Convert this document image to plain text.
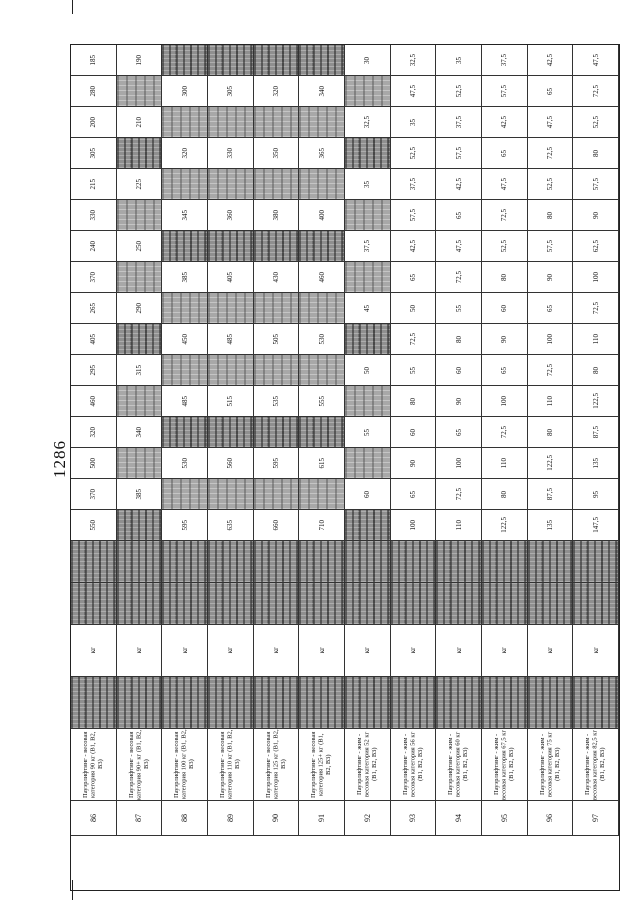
1286
550
370
500
320
460
295
405
265
370
240
330
215
305
200
280
185
кг
Пауэрлифтинг - весовая категория 90 кг (В1, В2, В3)
86
385
340
315
290
250
225
210
190
кг
Пауэрлифтинг - весовая категория 90+ кг (В1, В2, В3)
87
595
530
485
450
385
345
320
300
кг
Пауэрлифтинг - весовая категория 100 кг (В1, В2, В3)
88
635
560
515
485
405
360
330
305
кг
Пауэрлифтинг - весовая категория 110 кг (В1, В2, В3)
89
660
595
535
505
430
380
350
320
кг
Пауэрлифтинг - весовая категория 125 кг (В1, В2, В3)
90
710
615
555
530
460
400
365
340
кг
Пауэрлифтинг - весовая категория 125+ кг (В1, В2, В3)
91
60
55
50
45
37,5
35
32,5
30
кг
Пауэрлифтинг - жим - весовая категория 52 кг (В1, В2, В3)
92
100
65
90
60
80
55
72,5
50
65
42,5
57,5
37,5
52,5
35
47,5
32,5
кг
Пауэрлифтинг - жим - весовая категория 56 кг (В1, В2, В3)
93
110
72,5
100
65
90
60
80
55
72,5
47,5
65
42,5
57,5
37,5
52,5
35
кг
Пауэрлифтинг - жим - весовая категория 60 кг (В1, В2, В3)
94
122,5
80
110
72,5
100
65
90
60
80
52,5
72,5
47,5
65
42,5
57,5
37,5
кг
Пауэрлифтинг - жим - весовая категория 67,5 кг (В1, В2, В3)
95
135
87,5
122,5
80
110
72,5
100
65
90
57,5
80
52,5
72,5
47,5
65
42,5
кг
Пауэрлифтинг - жим - весовая категория 75 кг (В1, В2, В3)
96
147,5
95
135
87,5
122,5
80
110
72,5
100
62,5
90
57,5
80
52,5
72,5
47,5
кг
Пауэрлифтинг - жим - весовая категория 82,5 кг (В1, В2, В3)
97
